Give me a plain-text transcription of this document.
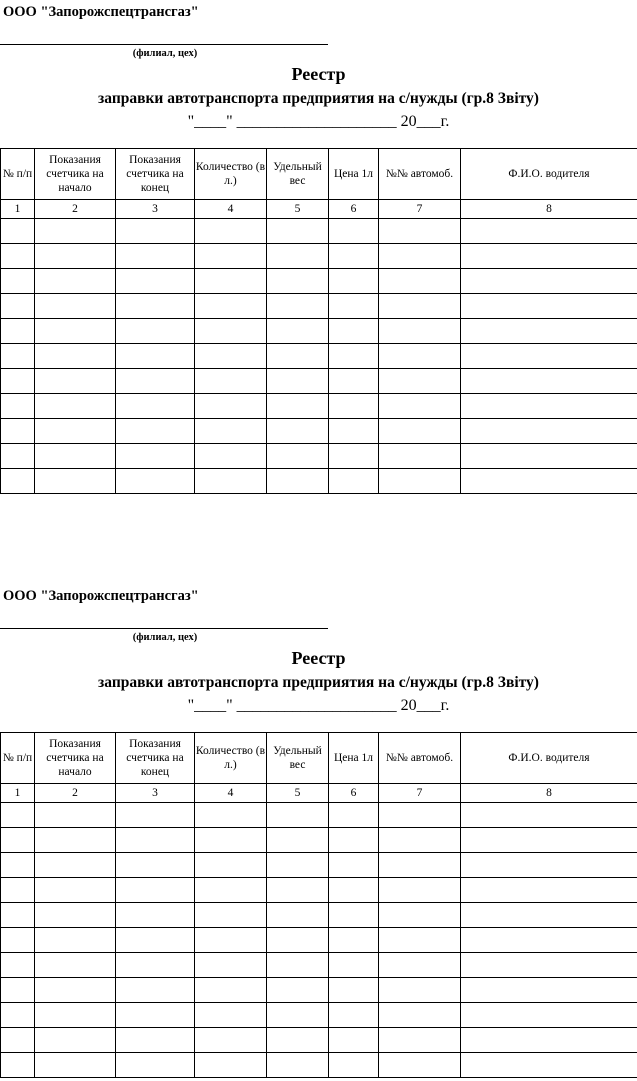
ООО "Запорожспецтрансгаз"
(филиал, цех)
Реестр
заправки автотранспорта предприятия на с/нужды (гр.8 Звіту)
"____" ____________________ 20___г.
№ п/п	Показания счетчика на начало	Показания счетчика на конец	Количество (в л.)	Удельный вес	Цена 1л	№№ автомоб.	Ф.И.О. водителя
1	2	3	4	5	6	7	8

ООО "Запорожспецтрансгаз"
(филиал, цех)
Реестр
заправки автотранспорта предприятия на с/нужды (гр.8 Звіту)
"____" ____________________ 20___г.
№ п/п	Показания счетчика на начало	Показания счетчика на конец	Количество (в л.)	Удельный вес	Цена 1л	№№ автомоб.	Ф.И.О. водителя
1	2	3	4	5	6	7	8
